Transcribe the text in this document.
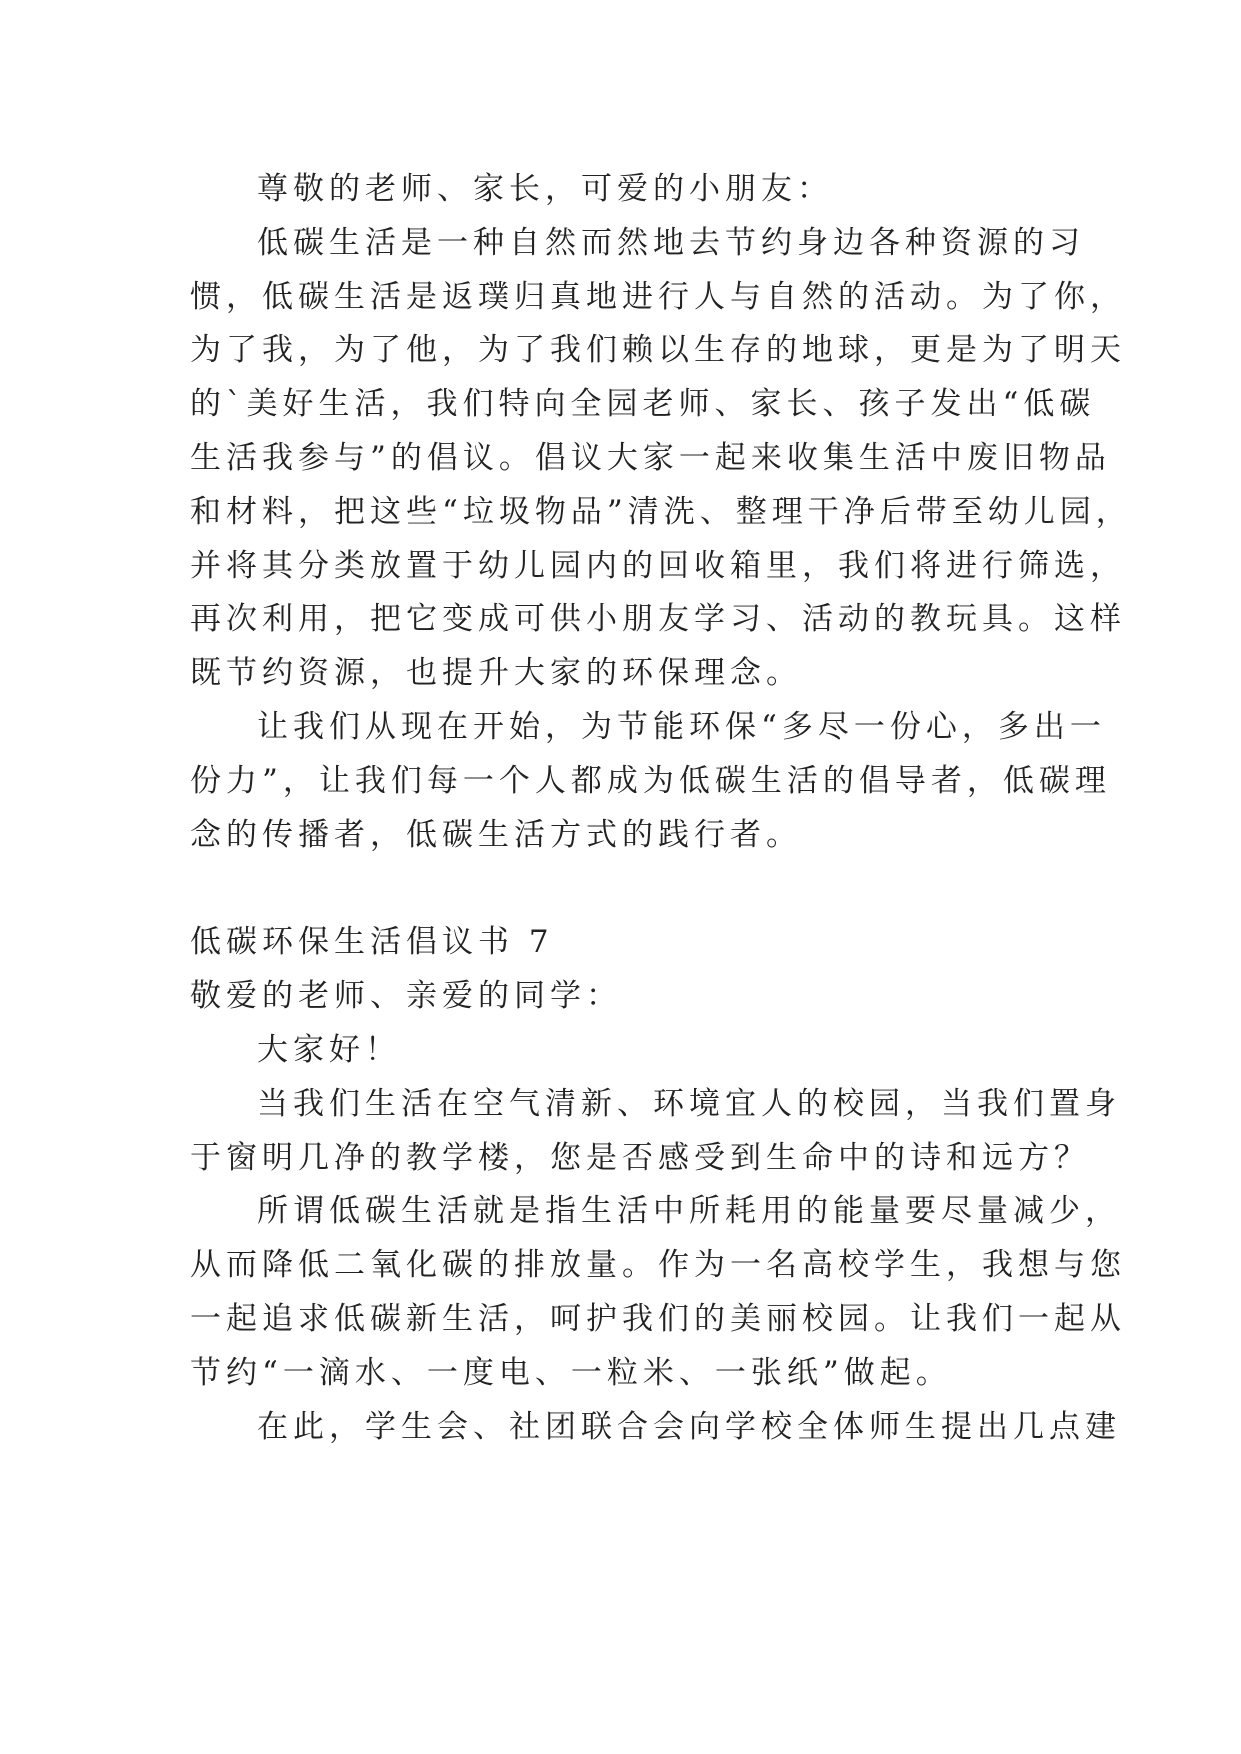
尊敬的老师、家长，可爱的小朋友：
低碳生活是一种自然而然地去节约身边各种资源的习
惯，低碳生活是返璞归真地进行人与自然的活动。为了你，
为了我，为了他，为了我们赖以生存的地球，更是为了明天
的`美好生活，我们特向全园老师、家长、孩子发出“低碳
生活我参与”的倡议。倡议大家一起来收集生活中废旧物品
和材料，把这些“垃圾物品”清洗、整理干净后带至幼儿园，
并将其分类放置于幼儿园内的回收箱里，我们将进行筛选，
再次利用，把它变成可供小朋友学习、活动的教玩具。这样
既节约资源，也提升大家的环保理念。
让我们从现在开始，为节能环保“多尽一份心，多出一
份力”，让我们每一个人都成为低碳生活的倡导者，低碳理
念的传播者，低碳生活方式的践行者。
低碳环保生活倡议书 7
敬爱的老师、亲爱的同学：
大家好！
当我们生活在空气清新、环境宜人的校园，当我们置身
于窗明几净的教学楼，您是否感受到生命中的诗和远方？
所谓低碳生活就是指生活中所耗用的能量要尽量减少，
从而降低二氧化碳的排放量。作为一名高校学生，我想与您
一起追求低碳新生活，呵护我们的美丽校园。让我们一起从
节约“一滴水、一度电、一粒米、一张纸”做起。
在此，学生会、社团联合会向学校全体师生提出几点建
